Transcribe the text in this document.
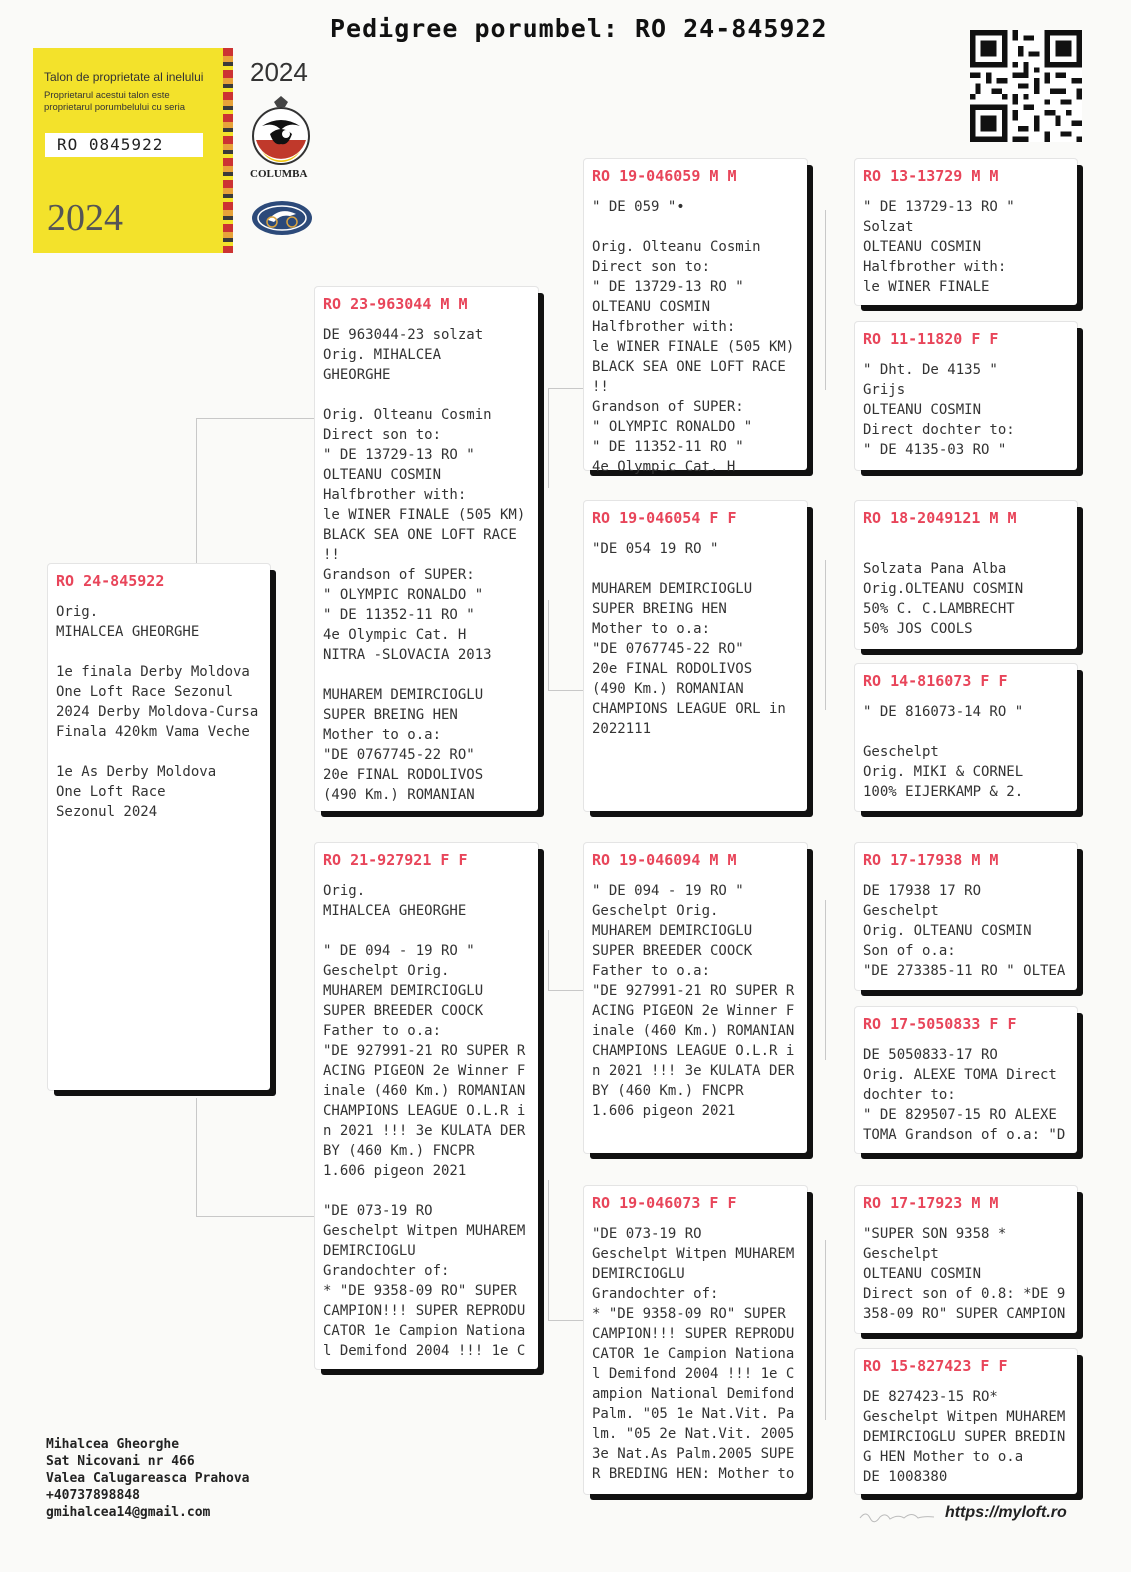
Pedigree porumbel: RO 24-845922
Talon de proprietate al inelului
Proprietarul acestui talon este proprietarul porumbelului cu seria
RO 0845922
2024
2024
COLUMBA
RO 24-845922
Orig.
MIHALCEA GHEORGHE

1e finala Derby Moldova
One Loft Race Sezonul
2024 Derby Moldova-Cursa
Finala 420km Vama Veche

1e As Derby Moldova
One Loft Race
Sezonul 2024
RO 23-963044 M M
DE 963044-23 solzat
Orig. MIHALCEA
GHEORGHE

Orig. Olteanu Cosmin
Direct son to:
" DE 13729-13 RO "
OLTEANU COSMIN
Halfbrother with:
le WINER FINALE (505 KM)
BLACK SEA ONE LOFT RACE
!!
Grandson of SUPER:
" OLYMPIC RONALDO "
" DE 11352-11 RO "
4e Olympic Cat. H
NITRA -SLOVACIA 2013

MUHAREM DEMIRCIOGLU
SUPER BREING HEN
Mother to o.a:
"DE 0767745-22 RO"
20e FINAL RODOLIVOS
(490 Km.) ROMANIAN
RO 21-927921 F F
Orig.
MIHALCEA GHEORGHE

" DE 094 - 19 RO "
Geschelpt Orig.
MUHAREM DEMIRCIOGLU
SUPER BREEDER COOCK
Father to o.a:
"DE 927991-21 RO SUPER R
ACING PIGEON 2e Winner F
inale (460 Km.) ROMANIAN
CHAMPIONS LEAGUE O.L.R i
n 2021 !!! 3e KULATA DER
BY (460 Km.) FNCPR
1.606 pigeon 2021

"DE 073-19 RO
Geschelpt Witpen MUHAREM
DEMIRCIOGLU
Grandochter of:
* "DE 9358-09 RO" SUPER
CAMPION!!! SUPER REPRODU
CATOR 1e Campion Nationa
l Demifond 2004 !!! 1e C
RO 19-046059 M M
" DE 059 "•

Orig. Olteanu Cosmin
Direct son to:
" DE 13729-13 RO "
OLTEANU COSMIN
Halfbrother with:
le WINER FINALE (505 KM)
BLACK SEA ONE LOFT RACE
!!
Grandson of SUPER:
" OLYMPIC RONALDO "
" DE 11352-11 RO "
4e Olympic Cat. H
RO 19-046054 F F
"DE 054 19 RO "

MUHAREM DEMIRCIOGLU
SUPER BREING HEN
Mother to o.a:
"DE 0767745-22 RO"
20e FINAL RODOLIVOS
(490 Km.) ROMANIAN
CHAMPIONS LEAGUE ORL in
2022111
RO 19-046094 M M
" DE 094 - 19 RO "
Geschelpt Orig.
MUHAREM DEMIRCIOGLU
SUPER BREEDER COOCK
Father to o.a:
"DE 927991-21 RO SUPER R
ACING PIGEON 2e Winner F
inale (460 Km.) ROMANIAN
CHAMPIONS LEAGUE O.L.R i
n 2021 !!! 3e KULATA DER
BY (460 Km.) FNCPR
1.606 pigeon 2021
RO 19-046073 F F
"DE 073-19 RO
Geschelpt Witpen MUHAREM
DEMIRCIOGLU
Grandochter of:
* "DE 9358-09 RO" SUPER
CAMPION!!! SUPER REPRODU
CATOR 1e Campion Nationa
l Demifond 2004 !!! 1e C
ampion National Demifond
Palm. "05 1e Nat.Vit. Pa
lm. "05 2e Nat.Vit. 2005
3e Nat.As Palm.2005 SUPE
R BREDING HEN: Mother to
RO 13-13729 M M
" DE 13729-13 RO "
Solzat
OLTEANU COSMIN
Halfbrother with:
le WINER FINALE
RO 11-11820 F F
" Dht. De 4135 "
Grijs
OLTEANU COSMIN
Direct dochter to:
" DE 4135-03 RO "
RO 18-2049121 M M

Solzata Pana Alba
Orig.OLTEANU COSMIN
50% C. C.LAMBRECHT
50% JOS COOLS
RO 14-816073 F F
" DE 816073-14 RO "

Geschelpt
Orig. MIKI & CORNEL
100% EIJERKAMP & 2.
RO 17-17938 M M
DE 17938 17 RO
Geschelpt
Orig. OLTEANU COSMIN
Son of o.a:
"DE 273385-11 RO " OLTEA
RO 17-5050833 F F
DE 5050833-17 RO
Orig. ALEXE TOMA Direct
dochter to:
" DE 829507-15 RO ALEXE
TOMA Grandson of o.a: "D
RO 17-17923 M M
"SUPER SON 9358 *
Geschelpt
OLTEANU COSMIN
Direct son of 0.8: *DE 9
358-09 RO" SUPER CAMPION
RO 15-827423 F F
DE 827423-15 RO*
Geschelpt Witpen MUHAREM
DEMIRCIOGLU SUPER BREDIN
G HEN Mother to o.a
DE 1008380
Mihalcea Gheorghe
Sat Nicovani nr 466
Valea Calugareasca Prahova
+40737898848
gmihalcea14@gmail.com	https://myloft.ro
